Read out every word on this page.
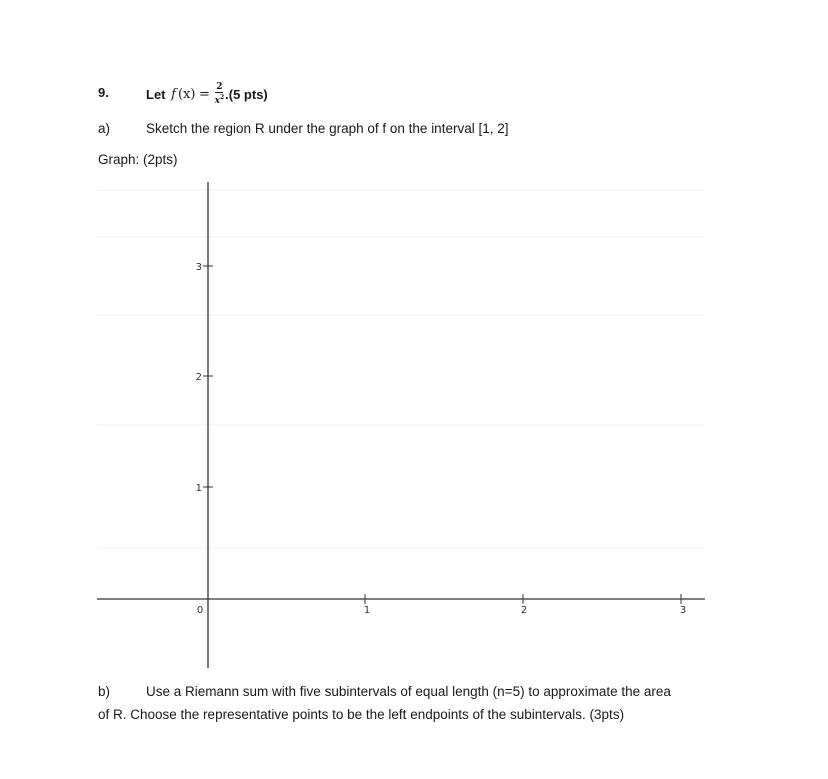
9.	Let
f (x)
=
$\frac{2}{x^2} .(5$ pts)
a)	Sketch the region R under the graph of f on the interval [1, 2]
Graph: (2pts)
0	1	2	3
1
2
3
b)	Use a Riemann sum with five subintervals of equal length (n=5) to approximate the area
of R. Choose the representative points to be the left endpoints of the subintervals. (3pts)
